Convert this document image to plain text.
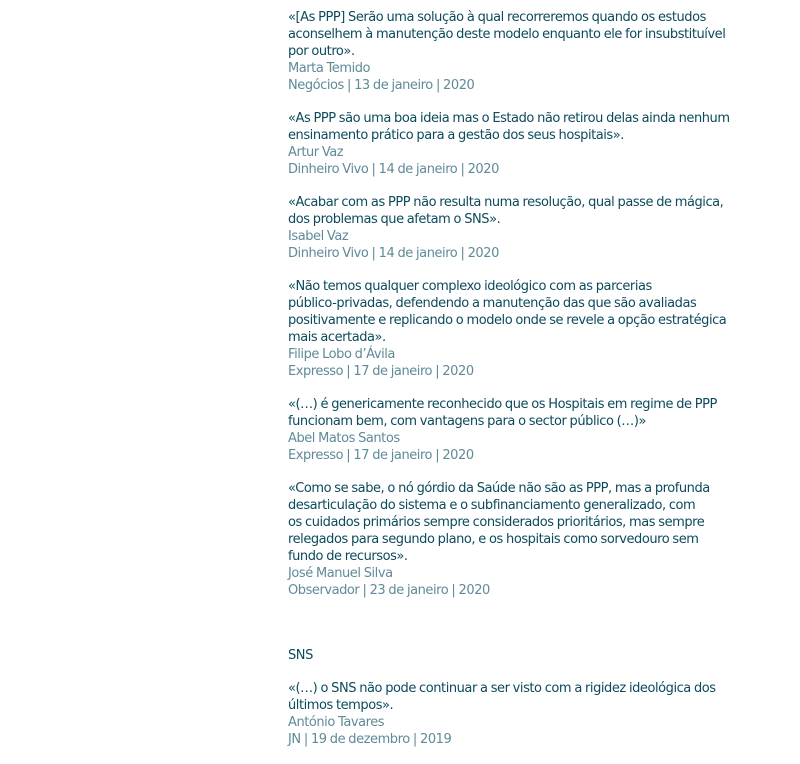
«[As PPP] Serão uma solução à qual recorreremos quando os estudos
aconselhem à manutenção deste modelo enquanto ele for insubstituível
por outro».
Marta Temido
Negócios | 13 de janeiro | 2020
«As PPP são uma boa ideia mas o Estado não retirou delas ainda nenhum
ensinamento prático para a gestão dos seus hospitais».
Artur Vaz
Dinheiro Vivo | 14 de janeiro | 2020
«Acabar com as PPP não resulta numa resolução, qual passe de mágica,
dos problemas que afetam o SNS».
Isabel Vaz
Dinheiro Vivo | 14 de janeiro | 2020
«Não temos qualquer complexo ideológico com as parcerias
público-privadas, defendendo a manutenção das que são avaliadas
positivamente e replicando o modelo onde se revele a opção estratégica
mais acertada».
Filipe Lobo d’Ávila
Expresso | 17 de janeiro | 2020
«(…) é genericamente reconhecido que os Hospitais em regime de PPP
funcionam bem, com vantagens para o sector público (…)»
Abel Matos Santos
Expresso | 17 de janeiro | 2020
«Como se sabe, o nó górdio da Saúde não são as PPP, mas a profunda
desarticulação do sistema e o subfinanciamento generalizado, com
os cuidados primários sempre considerados prioritários, mas sempre
relegados para segundo plano, e os hospitais como sorvedouro sem
fundo de recursos».
José Manuel Silva
Observador | 23 de janeiro | 2020
SNS
«(…) o SNS não pode continuar a ser visto com a rigidez ideológica dos
últimos tempos».
António Tavares
JN | 19 de dezembro | 2019
